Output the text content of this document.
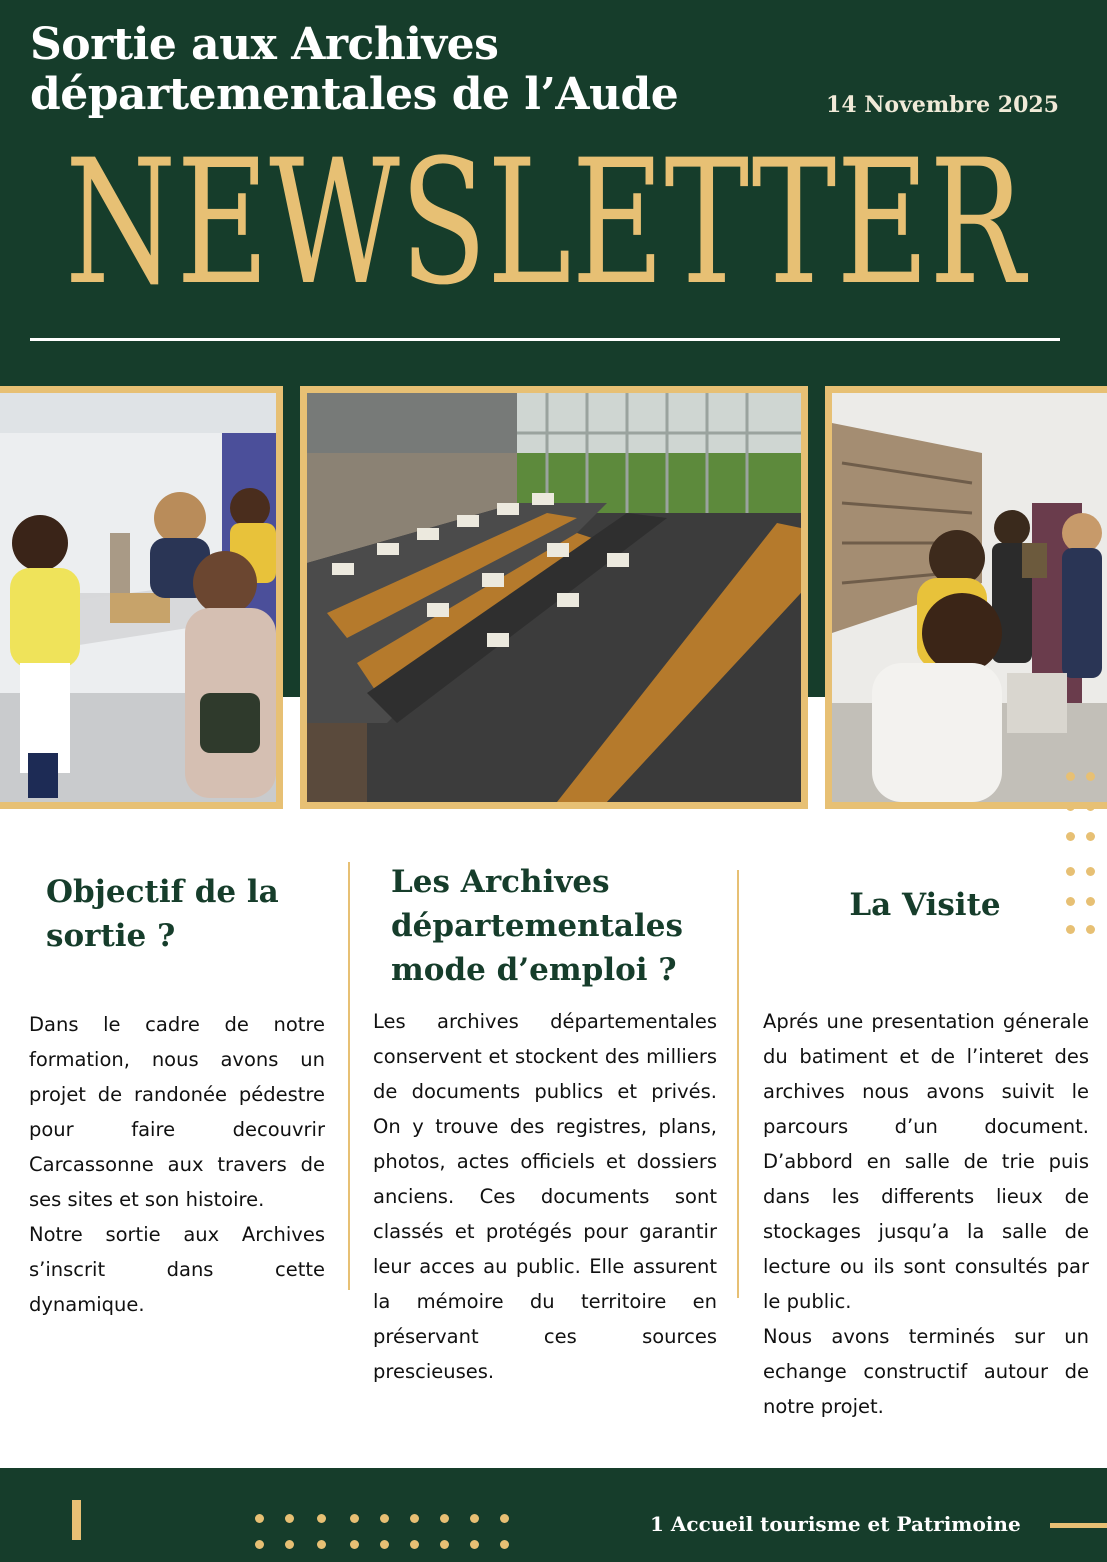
Sortie aux Archives
départementales de l’Aude	14 Novembre 2025
NEWSLETTER
Objectif de la sortie ?

Dans le cadre de notre formation, nous avons un projet de randonée pédestre pour faire decouvrir Carcassonne aux travers de ses sites et son histoire.

Notre sortie aux Archives s’inscrit dans cette dynamique.

Les Archives départementales mode d’emploi ?

Les archives départementales conservent et stockent des milliers de documents publics et privés. On y trouve des registres, plans, photos, actes officiels et dossiers anciens. Ces documents sont classés et protégés pour garantir leur acces au public. Elle assurent la mémoire du territoire en préservant ces sources prescieuses.

La Visite

Aprés une presentation génerale du batiment et de l’interet des archives nous avons suivit le parcours d’un document. D’abbord en salle de trie puis dans les differents lieux de stockages jusqu’a la salle de lecture ou ils sont consultés par le public.

Nous avons terminés sur un echange constructif autour de notre projet.

1 Accueil tourisme et Patrimoine
